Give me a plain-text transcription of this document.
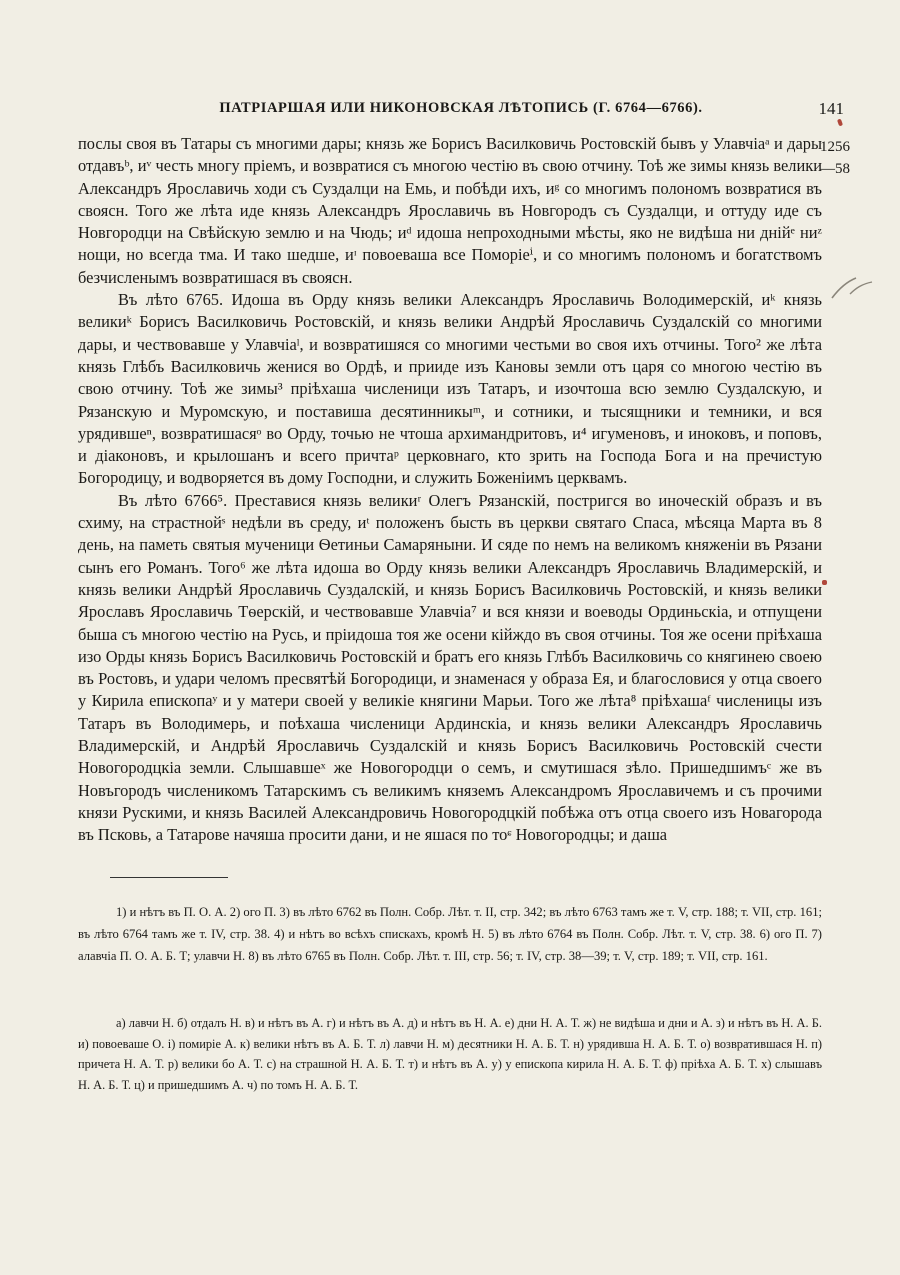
ПАТРІАРШАЯ ИЛИ НИКОНОВСКАЯ ЛѢТОПИСЬ (Г. 6764—6766).	141
1256
—58

послы своя въ Татары съ многими дары; князь же Борисъ Василковичь Ростовскій бывъ у Улавчіаᵃ и дары отдавъᵇ, иᵛ честь многу пріемъ, и возвратися съ многою честію въ свою отчину. Тоѣ же зимы князь велики Александръ Ярославичь ходи съ Суздалци на Емь, и побѣди ихъ, иᵍ со многимъ полономъ возвратися въ своясн. Того же лѣта иде князь Александръ Ярославичь въ Новгородъ съ Суздалци, и оттуду иде съ Новгородци на Свѣйскую землю и на Чюдь; иᵈ идоша непроходными мѣсты, яко не видѣша ни днійᵉ ниᶻ нощи, но всегда тма. И тако шедше, иᶦ повоеваша все Поморіеⁱ, и со многимъ полономъ и богатствомъ безчисленымъ возвратишася въ своясн.

Въ лѣто 6765. Идоша въ Орду князь велики Александръ Ярославичь Володимерскій, иᵏ князь великиᵏ Борисъ Василковичь Ростовскій, и князь велики Андрѣй Ярославичь Суздалскій со многими дары, и чествовавше у Улавчіаˡ, и возвратишяся со многими честьми во своя ихъ отчины. Того² же лѣта князь Глѣбъ Василковичь женися во Ордѣ, и прииде изъ Кановы земли отъ царя со многою честію въ свою отчину. Тоѣ же зимы³ пріѣхаша численици изъ Татаръ, и изочтоша всю землю Суздалскую, и Рязанскую и Муромскую, и поставиша десятинникыᵐ, и сотники, и тысящники и темники, и вся урядившеⁿ, возвратишасяᵒ во Орду, точью не чтоша архимандритовъ, и⁴ игуменовъ, и иноковъ, и поповъ, и діаконовъ, и крылошанъ и всего причтаᵖ церковнаго, кто зрить на Господа Бога и на пречистую Богородицу, и водворяется въ дому Господни, и служить Боженіимъ церквамъ.

Въ лѣто 6766⁵. Преставися князь великиʳ Олегъ Рязанскій, постригся во иноческій образъ и въ схиму, на страстнойˢ недѣли въ среду, иᵗ положенъ бысть въ церкви святаго Спаса, мѣсяца Марта въ 8 день, на паметь святыя мученици Ѳетиньи Самаряныни. И сяде по немъ на великомъ княженіи въ Рязани сынъ его Романъ. Того⁶ же лѣта идоша во Орду князь велики Александръ Ярославичь Владимерскій, и князь велики Андрѣй Ярославичь Суздалскій, и князь Борисъ Василковичь Ростовскій, и князь велики Ярославъ Ярославичь Тѳерскій, и чествовавше Улавчіа⁷ и вся князи и воеводы Ординьскіа, и отпущени быша съ многою честію на Русь, и пріидоша тоя же осени кійждо въ своя отчины. Тоя же осени пріѣхаша изо Орды князь Борисъ Василковичь Ростовскій и братъ его князь Глѣбъ Василковичь со княгинею своею въ Ростовъ, и удари челомъ пресвятѣй Богородици, и знаменася у образа Ея, и благословися у отца своего у Кирила епископаʸ и у матери своей у великіе княгини Марьи. Того же лѣта⁸ пріѣхашаᶠ численицы изъ Татаръ въ Володимерь, и поѣхаша численици Ардинскіа, и князь велики Александръ Ярославичь Владимерскій, и Андрѣй Ярославичь Суздалскій и князь Борисъ Василковичь Ростовскій счести Новогородцкіа земли. Слышавшеˣ же Новогородци о семъ, и смутишася зѣло. Пришедшимъᶜ же въ Новъгородъ численикомъ Татарскимъ съ великимъ княземъ Александромъ Ярославичемъ и съ прочими князи Рускими, и князь Василей Александровичь Новогородцкій побѣжа отъ отца своего изъ Новагорода въ Псковь, а Татарове начяша просити дани, и не яшася по тоᶝ Новогородцы; и даша

1) и нѣтъ въ П. О. А. 2) ого П. 3) въ лѣто 6762 въ Полн. Собр. Лѣт. т. II, стр. 342; въ лѣто 6763 тамъ же т. V, стр. 188; т. VII, стр. 161; въ лѣто 6764 тамъ же т. IV, стр. 38. 4) и нѣтъ во всѣхъ спискахъ, кромѣ Н. 5) въ лѣто 6764 въ Полн. Собр. Лѣт. т. V, стр. 38. 6) ого П. 7) алавчіа П. О. А. Б. Т; улавчи Н. 8) въ лѣто 6765 въ Полн. Собр. Лѣт. т. III, стр. 56; т. IV, стр. 38—39; т. V, стр. 189; т. VII, стр. 161.

а) лавчи Н. б) отдалъ Н. в) и нѣтъ въ А. г) и нѣтъ въ А. д) и нѣтъ въ Н. А. е) дни Н. А. Т. ж) не видѣша и дни и А. з) и нѣтъ въ Н. А. Б. и) повоеваше О. і) помиріе А. к) велики нѣтъ въ А. Б. Т. л) лавчи Н. м) десятники Н. А. Б. Т. н) урядивша Н. А. Б. Т. о) возвратившася Н. п) причета Н. А. Т. р) велики бо А. Т. с) на страшной Н. А. Б. Т. т) и нѣтъ въ А. у) у епископа кирила Н. А. Б. Т. ф) пріѣха А. Б. Т. х) слышавъ Н. А. Б. Т. ц) и пришедшимъ А. ч) по томъ Н. А. Б. Т.
